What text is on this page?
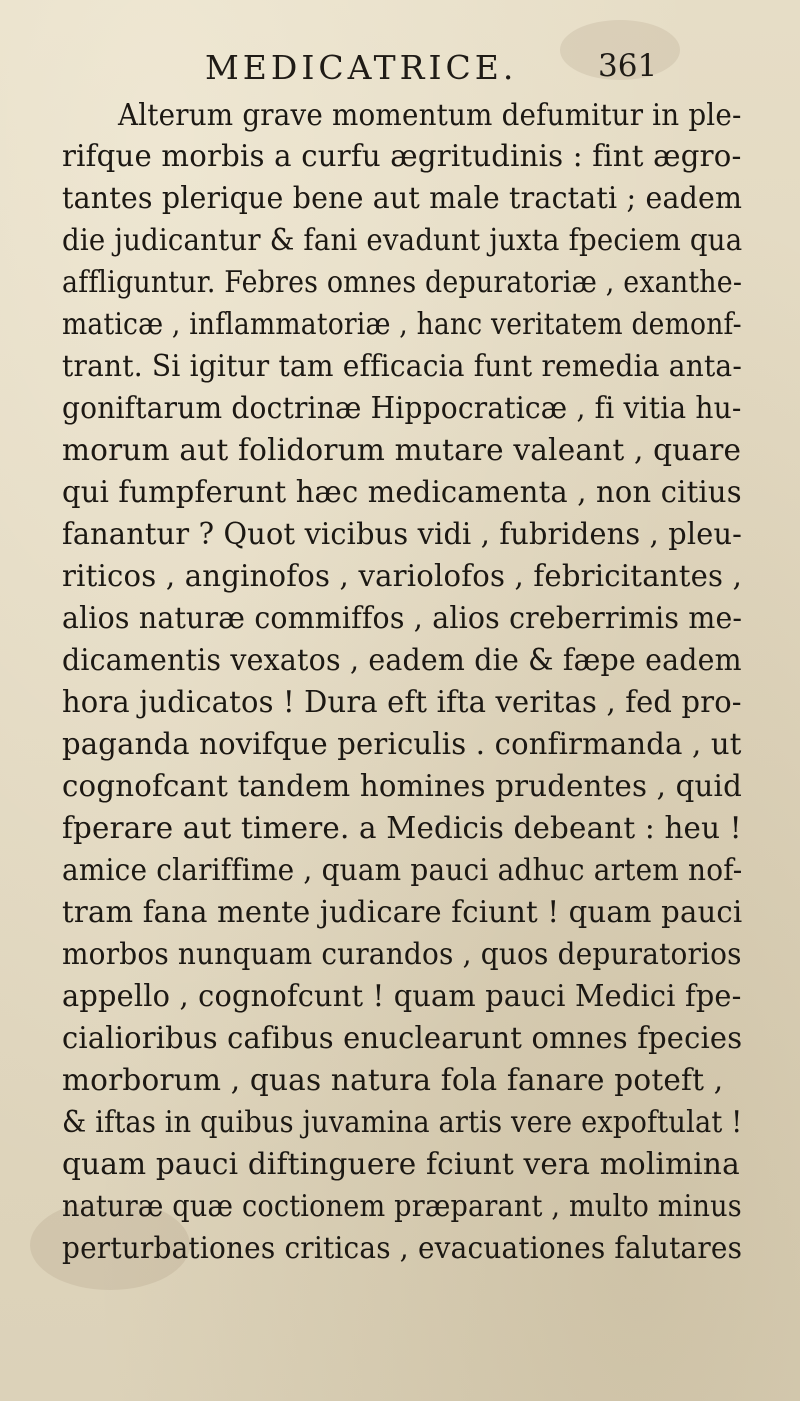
MEDICATRICE.	361
Alterum grave momentum defumitur in ple-
rifque morbis a curfu ægritudinis : fint ægro-
tantes plerique bene aut male tractati ; eadem
die judicantur & fani evadunt juxta fpeciem qua
affliguntur. Febres omnes depuratoriæ , exanthe-
maticæ , inflammatoriæ , hanc veritatem demonf-
trant. Si igitur tam efficacia funt remedia anta-
goniftarum doctrinæ Hippocraticæ , fi vitia hu-
morum aut folidorum mutare valeant , quare
qui fumpferunt hæc medicamenta , non citius
fanantur ? Quot vicibus vidi , fubridens , pleu-
riticos , anginofos , variolofos , febricitantes ,
alios naturæ commiffos , alios creberrimis me-
dicamentis vexatos , eadem die & fæpe eadem
hora judicatos ! Dura eft ifta veritas , fed pro-
paganda novifque periculis . confirmanda , ut
cognofcant tandem homines prudentes , quid
fperare aut timere. a Medicis debeant : heu !
amice clariffime , quam pauci adhuc artem nof-
tram fana mente judicare fciunt ! quam pauci
morbos nunquam curandos , quos depuratorios
appello , cognofcunt ! quam pauci Medici fpe-
cialioribus cafibus enuclearunt omnes fpecies
morborum , quas natura fola fanare poteft ,
& iftas in quibus juvamina artis vere expoftulat !
quam pauci diftinguere fciunt vera molimina
naturæ quæ coctionem præparant , multo minus
perturbationes criticas , evacuationes falutares
